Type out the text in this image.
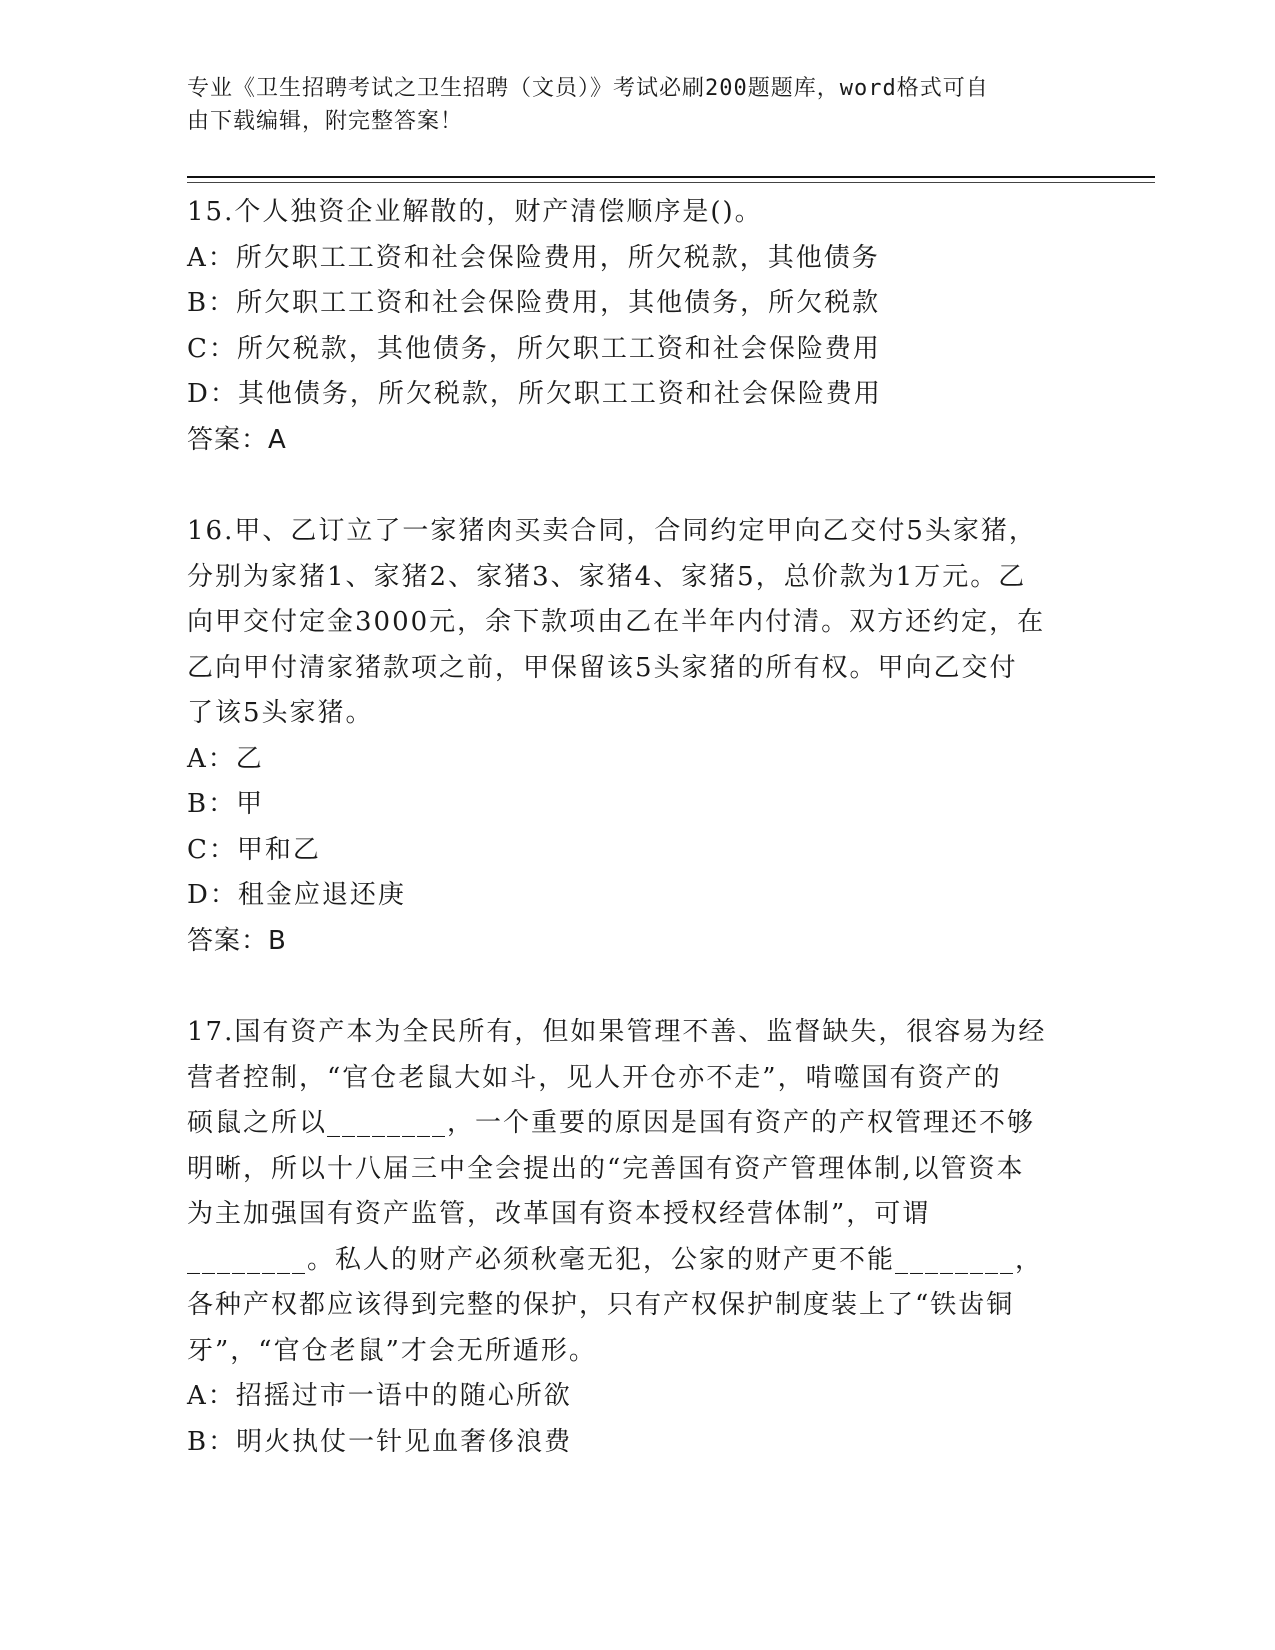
专业《卫生招聘考试之卫生招聘（文员）》考试必刷200题题库，word格式可自
由下载编辑，附完整答案！
15.个人独资企业解散的，财产清偿顺序是()。
A：所欠职工工资和社会保险费用，所欠税款，其他债务
B：所欠职工工资和社会保险费用，其他债务，所欠税款
C：所欠税款，其他债务，所欠职工工资和社会保险费用
D：其他债务，所欠税款，所欠职工工资和社会保险费用
答案：A
16.甲、乙订立了一家猪肉买卖合同，合同约定甲向乙交付5头家猪，
分别为家猪1、家猪2、家猪3、家猪4、家猪5，总价款为1万元。乙
向甲交付定金3000元，余下款项由乙在半年内付清。双方还约定，在
乙向甲付清家猪款项之前，甲保留该5头家猪的所有权。甲向乙交付
了该5头家猪。
A：乙
B：甲
C：甲和乙
D：租金应退还庚
答案：B
17.国有资产本为全民所有，但如果管理不善、监督缺失，很容易为经
营者控制，“官仓老鼠大如斗，见人开仓亦不走”，啃噬国有资产的
硕鼠之所以________，一个重要的原因是国有资产的产权管理还不够
明晰，所以十八届三中全会提出的“完善国有资产管理体制,以管资本
为主加强国有资产监管，改革国有资本授权经营体制”，可谓
________。私人的财产必须秋毫无犯，公家的财产更不能________，
各种产权都应该得到完整的保护，只有产权保护制度装上了“铁齿铜
牙”，“官仓老鼠”才会无所遁形。
A：招摇过市一语中的随心所欲
B：明火执仗一针见血奢侈浪费
